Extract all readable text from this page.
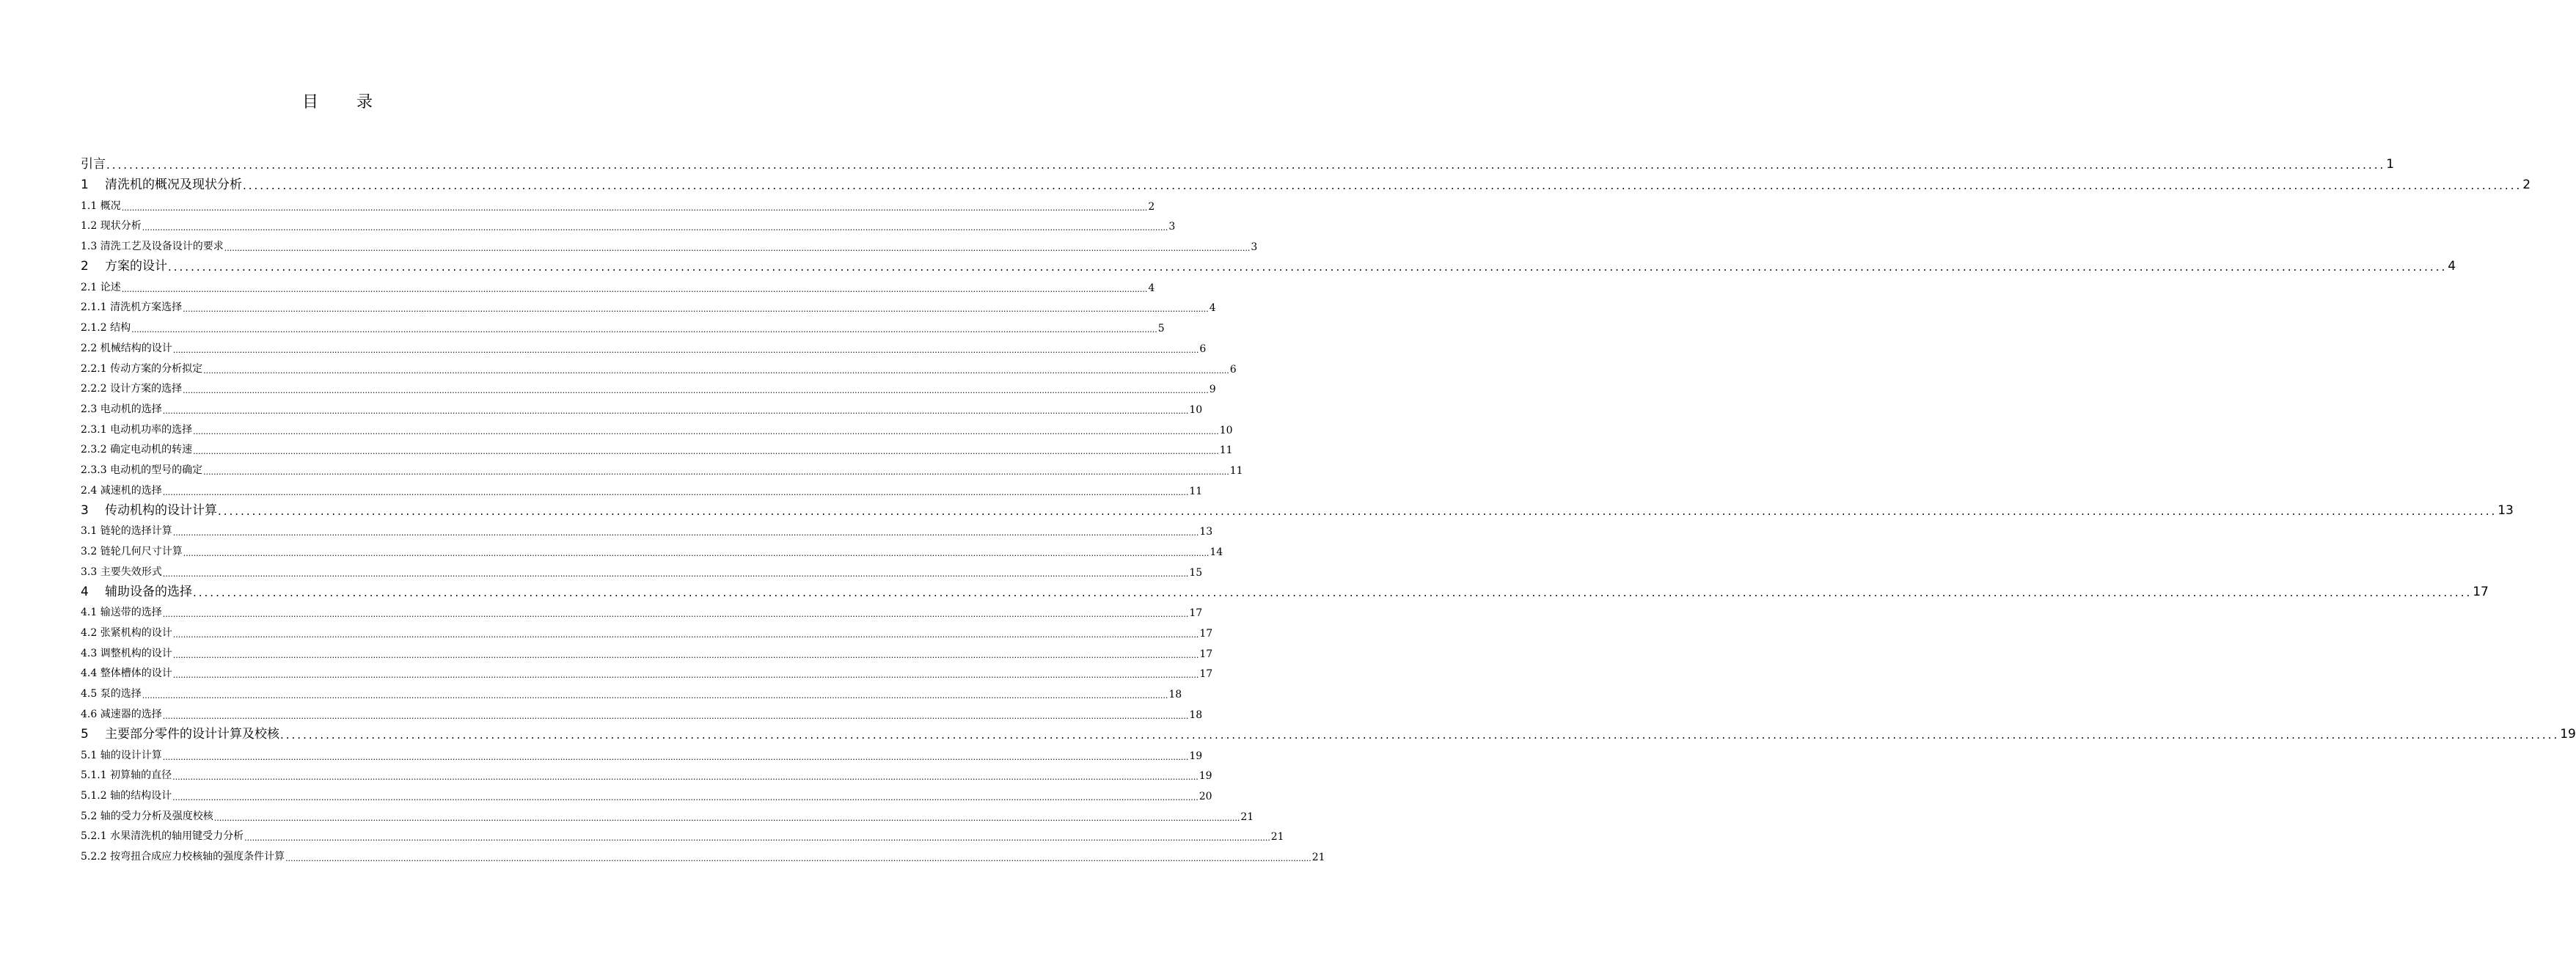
目 录
引言 ................................................................................................................................................................................................................................................................................................................................................................................................................ 1
1 清洗机的概况及现状分析 ................................................................................................................................................................................................................................................................................................................................................................................................................ 2
1.1 概况 ................................................................................................................................................................................................................................................................................................................................................................................................................ 2
1.2 现状分析 ................................................................................................................................................................................................................................................................................................................................................................................................................ 3
1.3 清洗工艺及设备设计的要求 ................................................................................................................................................................................................................................................................................................................................................................................................................ 3
2 方案的设计 ................................................................................................................................................................................................................................................................................................................................................................................................................ 4
2.1 论述 ................................................................................................................................................................................................................................................................................................................................................................................................................ 4
2.1.1 清洗机方案选择 ................................................................................................................................................................................................................................................................................................................................................................................................................ 4
2.1.2 结构 ................................................................................................................................................................................................................................................................................................................................................................................................................ 5
2.2 机械结构的设计 ................................................................................................................................................................................................................................................................................................................................................................................................................ 6
2.2.1 传动方案的分析拟定 ................................................................................................................................................................................................................................................................................................................................................................................................................ 6
2.2.2 设计方案的选择 ................................................................................................................................................................................................................................................................................................................................................................................................................ 9
2.3 电动机的选择 ................................................................................................................................................................................................................................................................................................................................................................................................................ 10
2.3.1 电动机功率的选择 ................................................................................................................................................................................................................................................................................................................................................................................................................ 10
2.3.2 确定电动机的转速 ................................................................................................................................................................................................................................................................................................................................................................................................................ 11
2.3.3 电动机的型号的确定 ................................................................................................................................................................................................................................................................................................................................................................................................................ 11
2.4 减速机的选择 ................................................................................................................................................................................................................................................................................................................................................................................................................ 11
3 传动机构的设计计算 ................................................................................................................................................................................................................................................................................................................................................................................................................ 13
3.1 链轮的选择计算 ................................................................................................................................................................................................................................................................................................................................................................................................................ 13
3.2 链轮几何尺寸计算 ................................................................................................................................................................................................................................................................................................................................................................................................................ 14
3.3 主要失效形式 ................................................................................................................................................................................................................................................................................................................................................................................................................ 15
4 辅助设备的选择 ................................................................................................................................................................................................................................................................................................................................................................................................................ 17
4.1 输送带的选择 ................................................................................................................................................................................................................................................................................................................................................................................................................ 17
4.2 张紧机构的设计 ................................................................................................................................................................................................................................................................................................................................................................................................................ 17
4.3 调整机构的设计 ................................................................................................................................................................................................................................................................................................................................................................................................................ 17
4.4 整体槽体的设计 ................................................................................................................................................................................................................................................................................................................................................................................................................ 17
4.5 泵的选择 ................................................................................................................................................................................................................................................................................................................................................................................................................ 18
4.6 减速器的选择 ................................................................................................................................................................................................................................................................................................................................................................................................................ 18
5 主要部分零件的设计计算及校核 ................................................................................................................................................................................................................................................................................................................................................................................................................ 19
5.1 轴的设计计算 ................................................................................................................................................................................................................................................................................................................................................................................................................ 19
5.1.1 初算轴的直径 ................................................................................................................................................................................................................................................................................................................................................................................................................ 19
5.1.2 轴的结构设计 ................................................................................................................................................................................................................................................................................................................................................................................................................ 20
5.2 轴的受力分析及强度校核 ................................................................................................................................................................................................................................................................................................................................................................................................................ 21
5.2.1 水果清洗机的轴用键受力分析 ................................................................................................................................................................................................................................................................................................................................................................................................................ 21
5.2.2 按弯扭合成应力校核轴的强度条件计算 ................................................................................................................................................................................................................................................................................................................................................................................................................ 21
